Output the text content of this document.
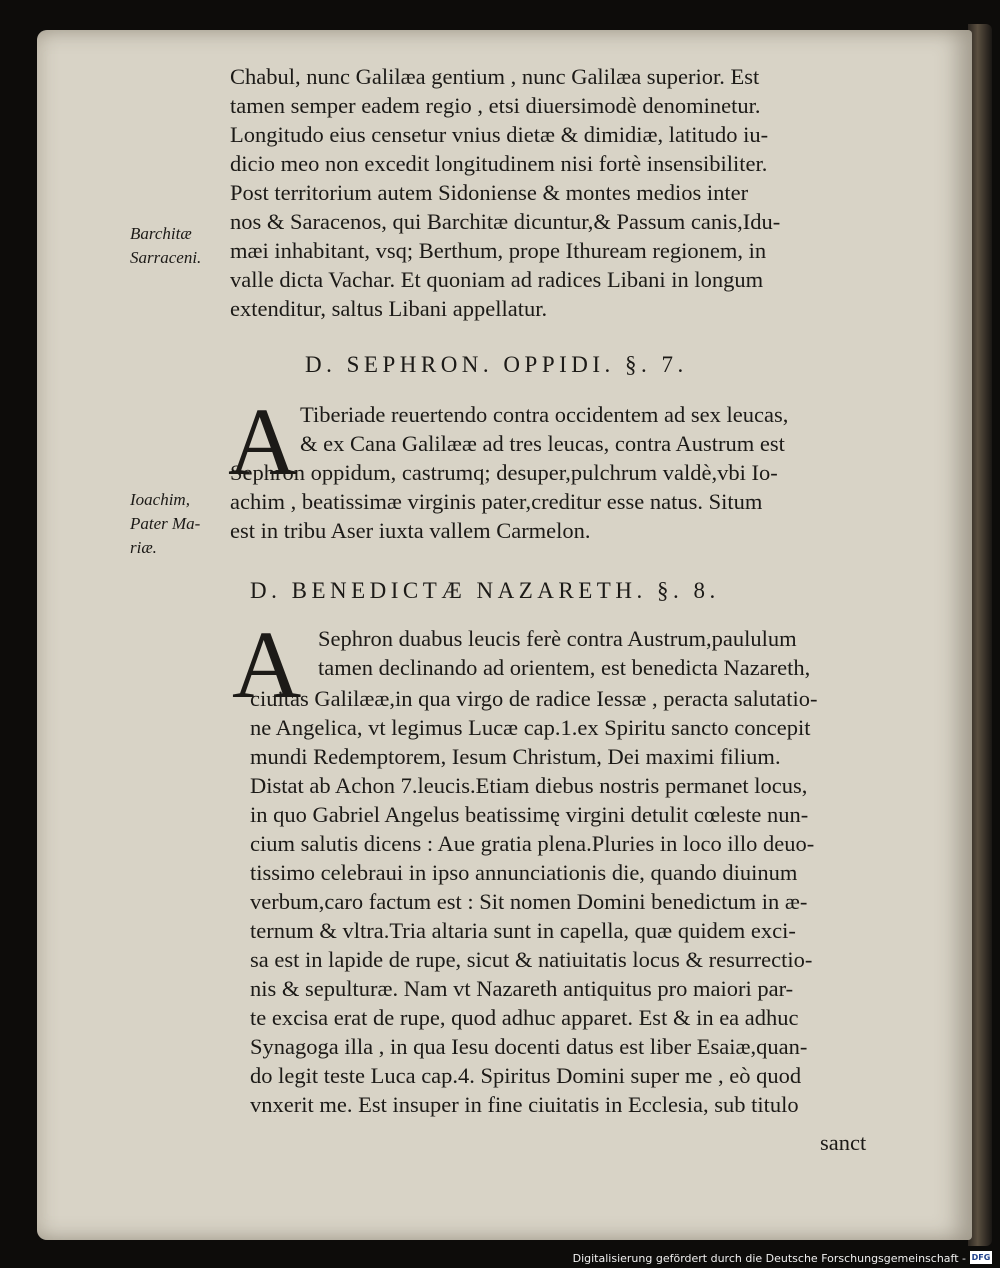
Chabul, nunc Galilæa gentium , nunc Galilæa superior. Est
tamen semper eadem regio , etsi diuersimodè denominetur.
Longitudo eius censetur vnius dietæ & dimidiæ, latitudo iu-
dicio meo non excedit longitudinem nisi fortè insensibiliter.
Post territorium autem Sidoniense & montes medios inter
nos & Saracenos, qui Barchitæ dicuntur,& Passum canis,Idu-
mæi inhabitant, vsq; Berthum, prope Ithuream regionem, in
valle dicta Vachar. Et quoniam ad radices Libani in longum
extenditur, saltus Libani appellatur.
Barchitæ
Sarraceni.
D. SEPHRON. OPPIDI. §. 7.
A Tiberiade reuertendo contra occidentem ad sex leucas,
& ex Cana Galilææ ad tres leucas, contra Austrum est
Sephron oppidum, castrumq; desuper,pulchrum valdè,vbi Io-
achim , beatissimæ virginis pater,creditur esse natus. Situm
est in tribu Aser iuxta vallem Carmelon.
Ioachim,
Pater Ma-
riæ.
D. BENEDICTÆ NAZARETH. §. 8.
A Sephron duabus leucis ferè contra Austrum,paululum
tamen declinando ad orientem, est benedicta Nazareth,
ciuitas Galilææ,in qua virgo de radice Iessæ , peracta salutatio-
ne Angelica, vt legimus Lucæ cap.1.ex Spiritu sancto concepit
mundi Redemptorem, Iesum Christum, Dei maximi filium.
Distat ab Achon 7.leucis.Etiam diebus nostris permanet locus,
in quo Gabriel Angelus beatissimę virgini detulit cœleste nun-
cium salutis dicens : Aue gratia plena.Pluries in loco illo deuo-
tissimo celebraui in ipso annunciationis die, quando diuinum
verbum,caro factum est : Sit nomen Domini benedictum in æ-
ternum & vltra.Tria altaria sunt in capella, quæ quidem exci-
sa est in lapide de rupe, sicut & natiuitatis locus & resurrectio-
nis & sepulturæ. Nam vt Nazareth antiquitus pro maiori par-
te excisa erat de rupe, quod adhuc apparet. Est & in ea adhuc
Synagoga illa , in qua Iesu docenti datus est liber Esaiæ,quan-
do legit teste Luca cap.4. Spiritus Domini super me , eò quod
vnxerit me. Est insuper in fine ciuitatis in Ecclesia, sub titulo
sanct
Digitalisierung gefördert durch die Deutsche Forschungsgemeinschaft - DFG
